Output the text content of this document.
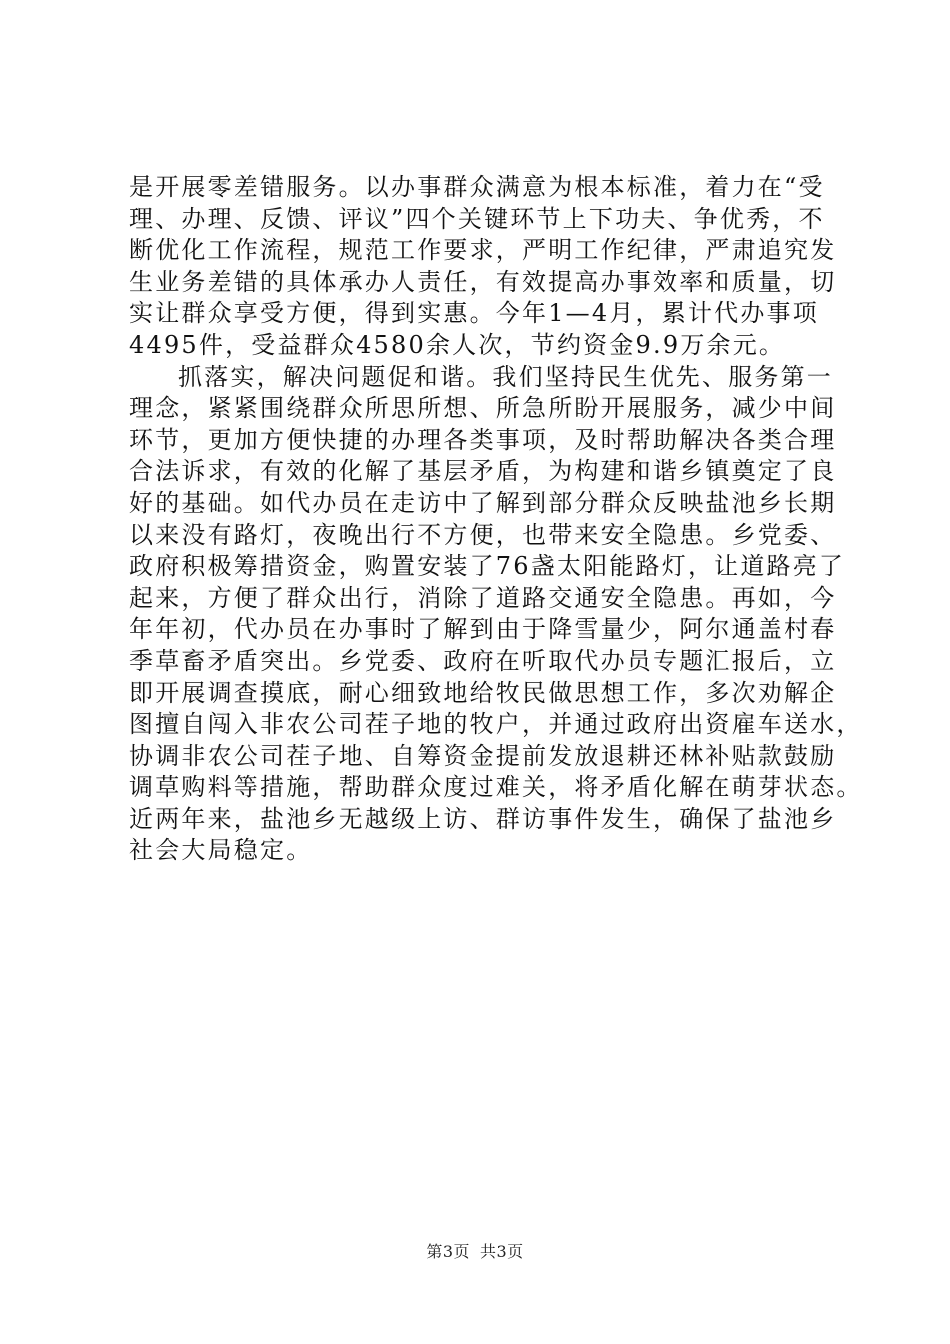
是开展零差错服务。以办事群众满意为根本标准，着力在“受
理、办理、反馈、评议”四个关键环节上下功夫、争优秀，不
断优化工作流程，规范工作要求，严明工作纪律，严肃追究发
生业务差错的具体承办人责任，有效提高办事效率和质量，切
实让群众享受方便，得到实惠。今年1—4月，累计代办事项
4495件，受益群众4580余人次，节约资金9.9万余元。
抓落实，解决问题促和谐。我们坚持民生优先、服务第一
理念，紧紧围绕群众所思所想、所急所盼开展服务，减少中间
环节，更加方便快捷的办理各类事项，及时帮助解决各类合理
合法诉求，有效的化解了基层矛盾，为构建和谐乡镇奠定了良
好的基础。如代办员在走访中了解到部分群众反映盐池乡长期
以来没有路灯，夜晚出行不方便，也带来安全隐患。乡党委、
政府积极筹措资金，购置安装了76盏太阳能路灯，让道路亮了
起来，方便了群众出行，消除了道路交通安全隐患。再如，今
年年初，代办员在办事时了解到由于降雪量少，阿尔通盖村春
季草畜矛盾突出。乡党委、政府在听取代办员专题汇报后，立
即开展调查摸底，耐心细致地给牧民做思想工作，多次劝解企
图擅自闯入非农公司茬子地的牧户，并通过政府出资雇车送水，
协调非农公司茬子地、自筹资金提前发放退耕还林补贴款鼓励
调草购料等措施，帮助群众度过难关，将矛盾化解在萌芽状态。
近两年来，盐池乡无越级上访、群访事件发生，确保了盐池乡
社会大局稳定。
第3页 共3页
